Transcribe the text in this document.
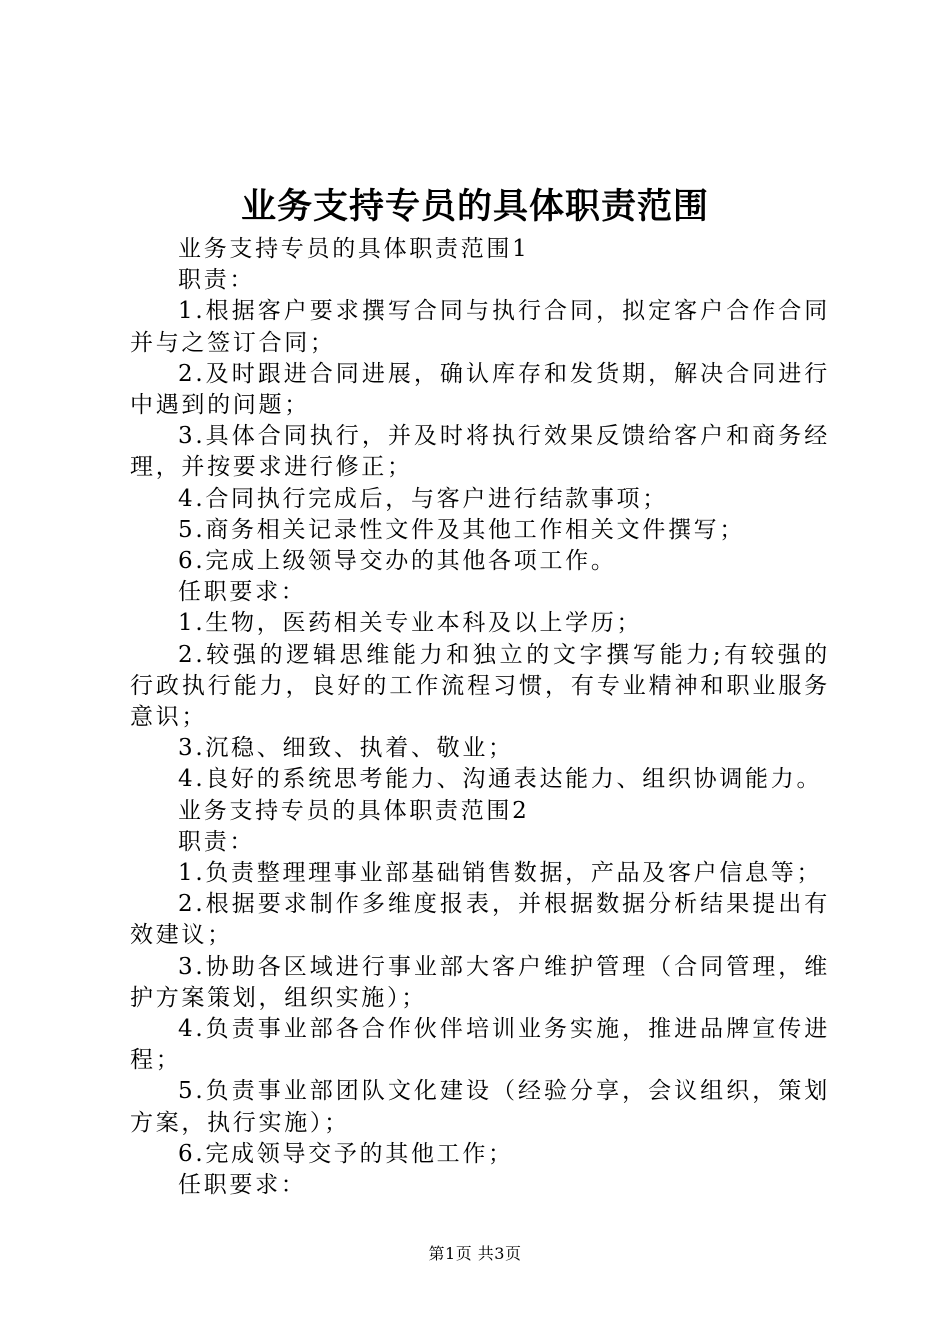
业务支持专员的具体职责范围

业务支持专员的具体职责范围1

职责：

1.根据客户要求撰写合同与执行合同，拟定客户合作合同并与之签订合同；

2.及时跟进合同进展，确认库存和发货期，解决合同进行中遇到的问题；

3.具体合同执行，并及时将执行效果反馈给客户和商务经理，并按要求进行修正；

4.合同执行完成后，与客户进行结款事项；

5.商务相关记录性文件及其他工作相关文件撰写；

6.完成上级领导交办的其他各项工作。

任职要求：

1.生物，医药相关专业本科及以上学历；

2.较强的逻辑思维能力和独立的文字撰写能力;有较强的行政执行能力，良好的工作流程习惯，有专业精神和职业服务意识；

3.沉稳、细致、执着、敬业；

4.良好的系统思考能力、沟通表达能力、组织协调能力。

业务支持专员的具体职责范围2

职责：

1.负责整理理事业部基础销售数据，产品及客户信息等；

2.根据要求制作多维度报表，并根据数据分析结果提出有效建议；

3.协助各区域进行事业部大客户维护管理（合同管理，维护方案策划，组织实施）；

4.负责事业部各合作伙伴培训业务实施，推进品牌宣传进程；

5.负责事业部团队文化建设（经验分享，会议组织，策划方案，执行实施）；

6.完成领导交予的其他工作；

任职要求：

第1页 共3页
